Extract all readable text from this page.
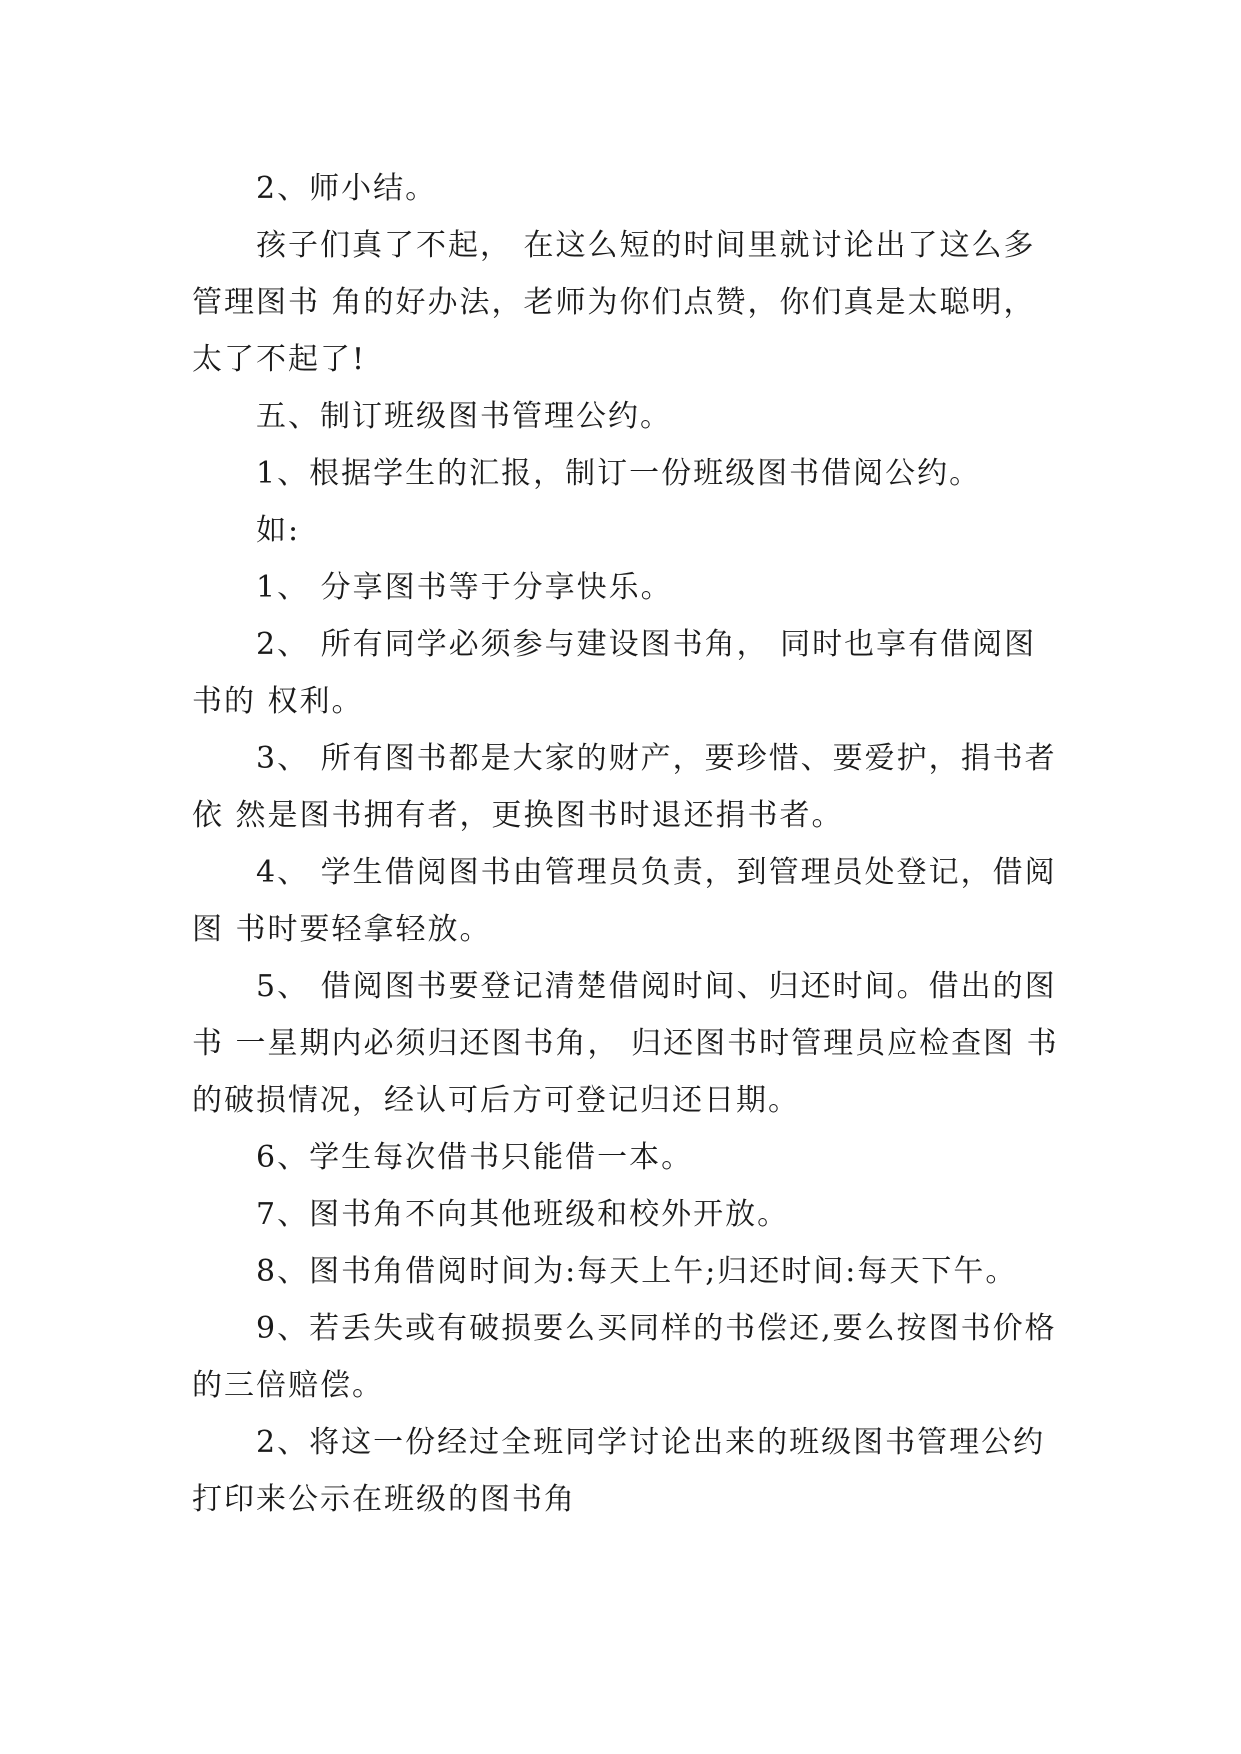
2、师小结。

孩子们真了不起， 在这么短的时间里就讨论出了这么多管理图书 角的好办法，老师为你们点赞，你们真是太聪明，太了不起了!

五、制订班级图书管理公约。

1、根据学生的汇报，制订一份班级图书借阅公约。

如:

1、 分享图书等于分享快乐。

2、 所有同学必须参与建设图书角， 同时也享有借阅图书的 权利。

3、 所有图书都是大家的财产，要珍惜、要爱护，捐书者依 然是图书拥有者，更换图书时退还捐书者。

4、 学生借阅图书由管理员负责，到管理员处登记，借阅图 书时要轻拿轻放。

5、 借阅图书要登记清楚借阅时间、归还时间。借出的图书 一星期内必须归还图书角， 归还图书时管理员应检查图 书的破损情况，经认可后方可登记归还日期。

6、学生每次借书只能借一本。

7、图书角不向其他班级和校外开放。

8、图书角借阅时间为:每天上午;归还时间:每天下午。

9、若丢失或有破损要么买同样的书偿还,要么按图书价格的三倍赔偿。

2、将这一份经过全班同学讨论出来的班级图书管理公约打印来公示在班级的图书角
